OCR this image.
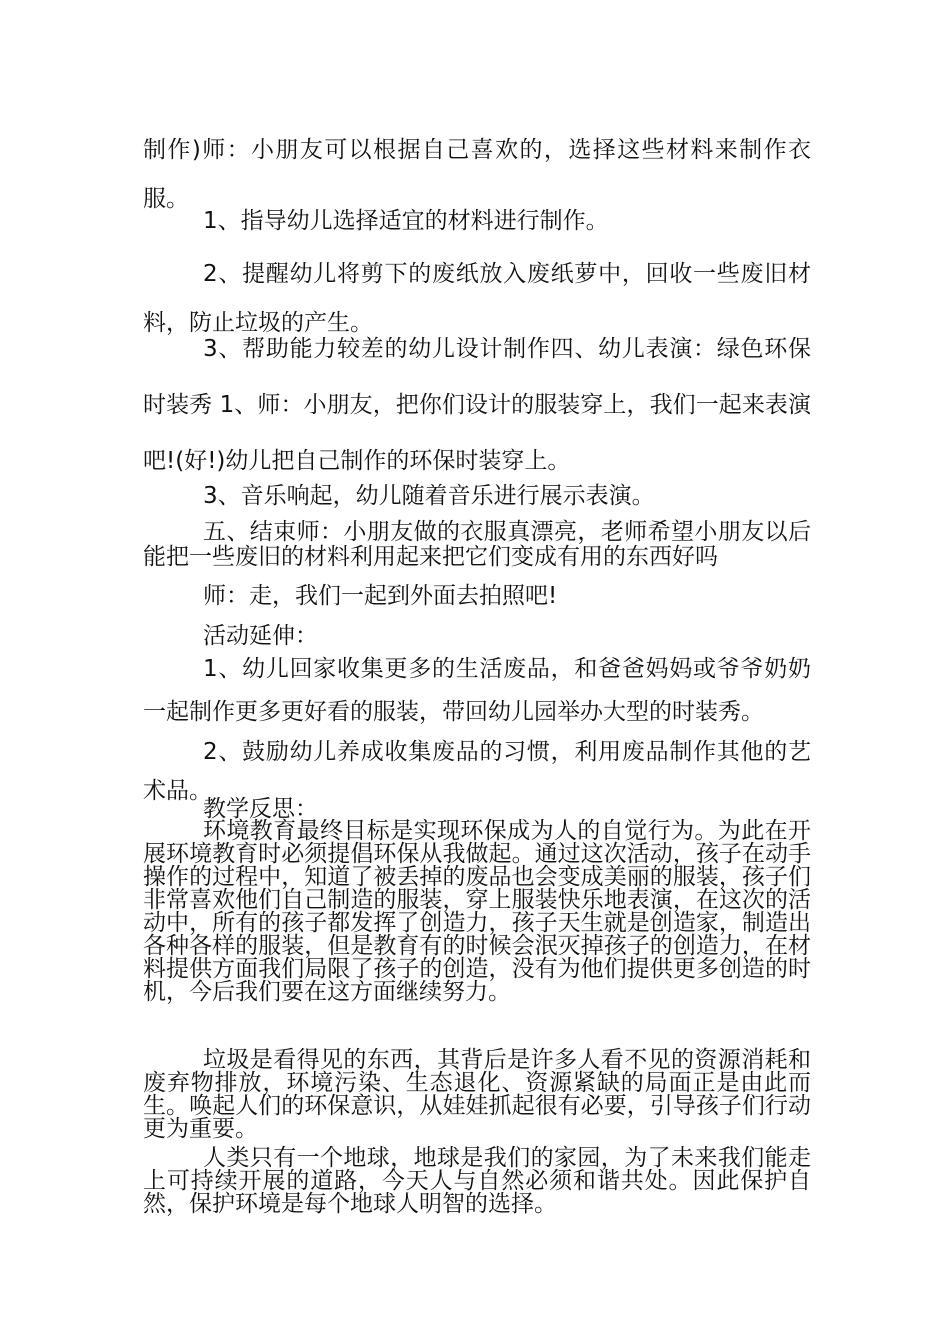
制作)师：小朋友可以根据自己喜欢的，选择这些材料来制作衣服。

1、指导幼儿选择适宜的材料进行制作。

2、提醒幼儿将剪下的废纸放入废纸萝中，回收一些废旧材料，防止垃圾的产生。

3、帮助能力较差的幼儿设计制作四、幼儿表演：绿色环保时装秀 1、师：小朋友，把你们设计的服装穿上，我们一起来表演吧!(好!)幼儿把自己制作的环保时装穿上。

3、音乐响起，幼儿随着音乐进行展示表演。

五、结束师：小朋友做的衣服真漂亮，老师希望小朋友以后能把一些废旧的材料利用起来把它们变成有用的东西好吗

师：走，我们一起到外面去拍照吧!

活动延伸：

1、幼儿回家收集更多的生活废品，和爸爸妈妈或爷爷奶奶一起制作更多更好看的服装，带回幼儿园举办大型的时装秀。

2、鼓励幼儿养成收集废品的习惯，利用废品制作其他的艺术品。

教学反思：

环境教育最终目标是实现环保成为人的自觉行为。为此在开展环境教育时必须提倡环保从我做起。通过这次活动，孩子在动手操作的过程中，知道了被丢掉的废品也会变成美丽的服装，孩子们非常喜欢他们自己制造的服装，穿上服装快乐地表演，在这次的活动中，所有的孩子都发挥了创造力，孩子天生就是创造家，制造出各种各样的服装，但是教育有的时候会泯灭掉孩子的创造力，在材料提供方面我们局限了孩子的创造，没有为他们提供更多创造的时机，今后我们要在这方面继续努力。

垃圾是看得见的东西，其背后是许多人看不见的资源消耗和废弃物排放，环境污染、生态退化、资源紧缺的局面正是由此而生。唤起人们的环保意识，从娃娃抓起很有必要，引导孩子们行动更为重要。

人类只有一个地球，地球是我们的家园，为了未来我们能走上可持续开展的道路，今天人与自然必须和谐共处。因此保护自然，保护环境是每个地球人明智的选择。
